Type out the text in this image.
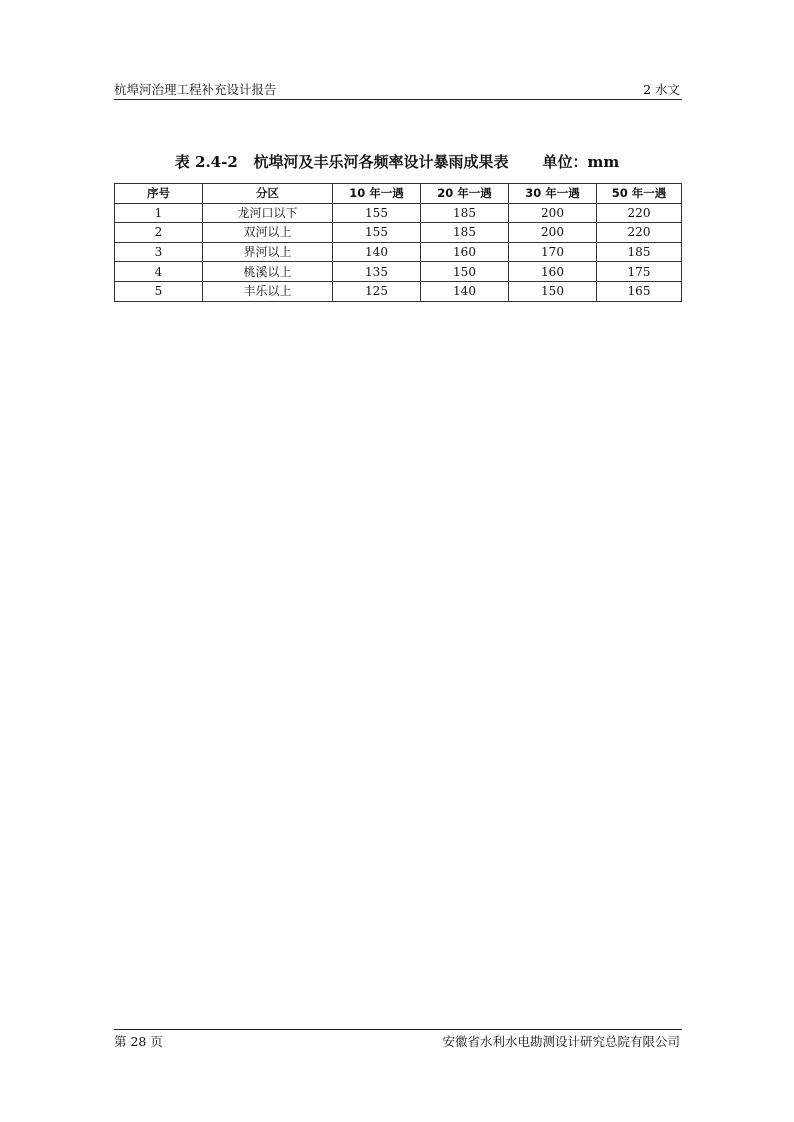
杭埠河治理工程补充设计报告	2 水文
表 2.4-2   杭埠河及丰乐河各频率设计暴雨成果表 单位：mm
序号	分区	10 年一遇	20 年一遇	30 年一遇	50 年一遇
1	龙河口以下	155	185	200	220
2	双河以上	155	185	200	220
3	界河以上	140	160	170	185
4	桃溪以上	135	150	160	175
5	丰乐以上	125	140	150	165
第 28 页	安徽省水利水电勘测设计研究总院有限公司
